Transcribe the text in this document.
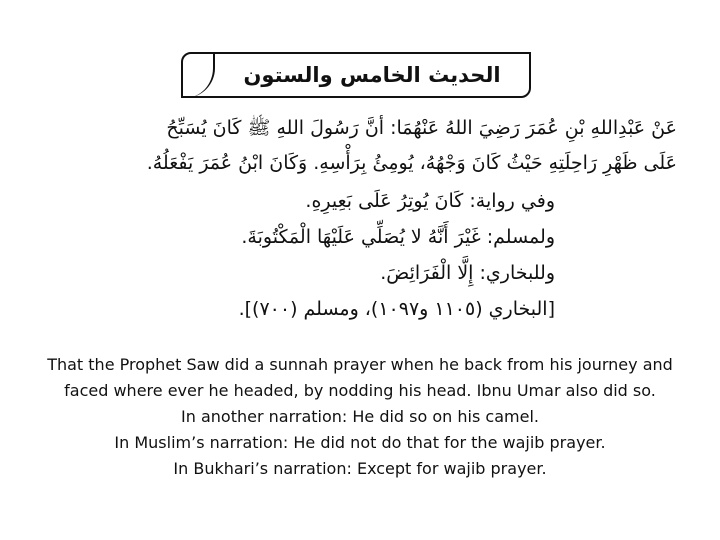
الحديث الخامس والستون
عَنْ عَبْدِاللهِ بْنِ عُمَرَ رَضِيَ اللهُ عَنْهُمَا: أنَّ رَسُولَ اللهِ ﷺ كَانَ يُسَبِّحُ
عَلَى ظَهْرِ رَاحِلَتِهِ حَيْثُ كَانَ وَجْهُهُ، يُومِئُ بِرَأْسِهِ. وَكَانَ ابْنُ عُمَرَ يَفْعَلُهُ.
وفي رواية: كَانَ يُوتِرُ عَلَى بَعِيرِهِ.
ولمسلم: غَيْرَ أَنَّهُ لا يُصَلِّي عَلَيْهَا الْمَكْتُوبَةَ.
وللبخاري: إِلَّا الْفَرَائِضَ.
[البخاري (١١٠٥ و١٠٩٧)، ومسلم (٧٠٠)].
That the Prophet Saw did a sunnah prayer when he back from his journey and
faced where ever he headed, by nodding his head. Ibnu Umar also did so.
In another narration: He did so on his camel.
In Muslim’s narration: He did not do that for the wajib prayer.
In Bukhari’s narration: Except for wajib prayer.
